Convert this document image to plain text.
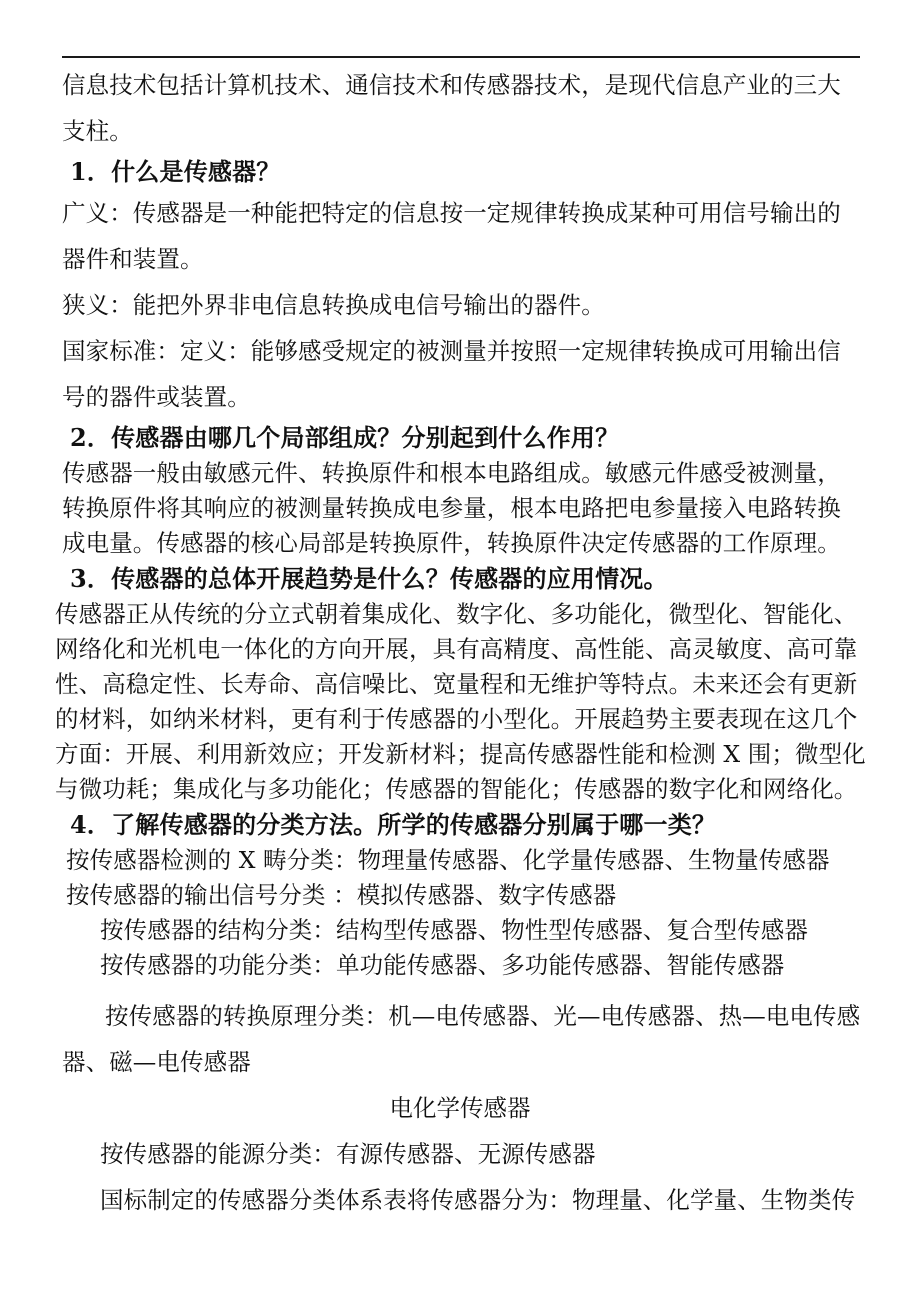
信息技术包括计算机技术、通信技术和传感器技术，是现代信息产业的三大
支柱。
1．什么是传感器？
广义：传感器是一种能把特定的信息按一定规律转换成某种可用信号输出的
器件和装置。
狭义：能把外界非电信息转换成电信号输出的器件。
国家标准：定义：能够感受规定的被测量并按照一定规律转换成可用输出信
号的器件或装置。
2．传感器由哪几个局部组成？分别起到什么作用？
传感器一般由敏感元件、转换原件和根本电路组成。敏感元件感受被测量，
转换原件将其响应的被测量转换成电参量，根本电路把电参量接入电路转换
成电量。传感器的核心局部是转换原件，转换原件决定传感器的工作原理。
3．传感器的总体开展趋势是什么？传感器的应用情况。
传感器正从传统的分立式朝着集成化、数字化、多功能化，微型化、智能化、
网络化和光机电一体化的方向开展，具有高精度、高性能、高灵敏度、高可靠
性、高稳定性、长寿命、高信噪比、宽量程和无维护等特点。未来还会有更新
的材料，如纳米材料，更有利于传感器的小型化。开展趋势主要表现在这几个
方面：开展、利用新效应；开发新材料；提高传感器性能和检测 X 围；微型化
与微功耗；集成化与多功能化；传感器的智能化；传感器的数字化和网络化。
4．了解传感器的分类方法。所学的传感器分别属于哪一类？
按传感器检测的 X 畴分类：物理量传感器、化学量传感器、生物量传感器
按传感器的输出信号分类 ：模拟传感器、数字传感器
按传感器的结构分类：结构型传感器、物性型传感器、复合型传感器
按传感器的功能分类：单功能传感器、多功能传感器、智能传感器
按传感器的转换原理分类：机—电传感器、光—电传感器、热—电电传感
器、磁—电传感器
电化学传感器
按传感器的能源分类：有源传感器、无源传感器
国标制定的传感器分类体系表将传感器分为：物理量、化学量、生物类传
